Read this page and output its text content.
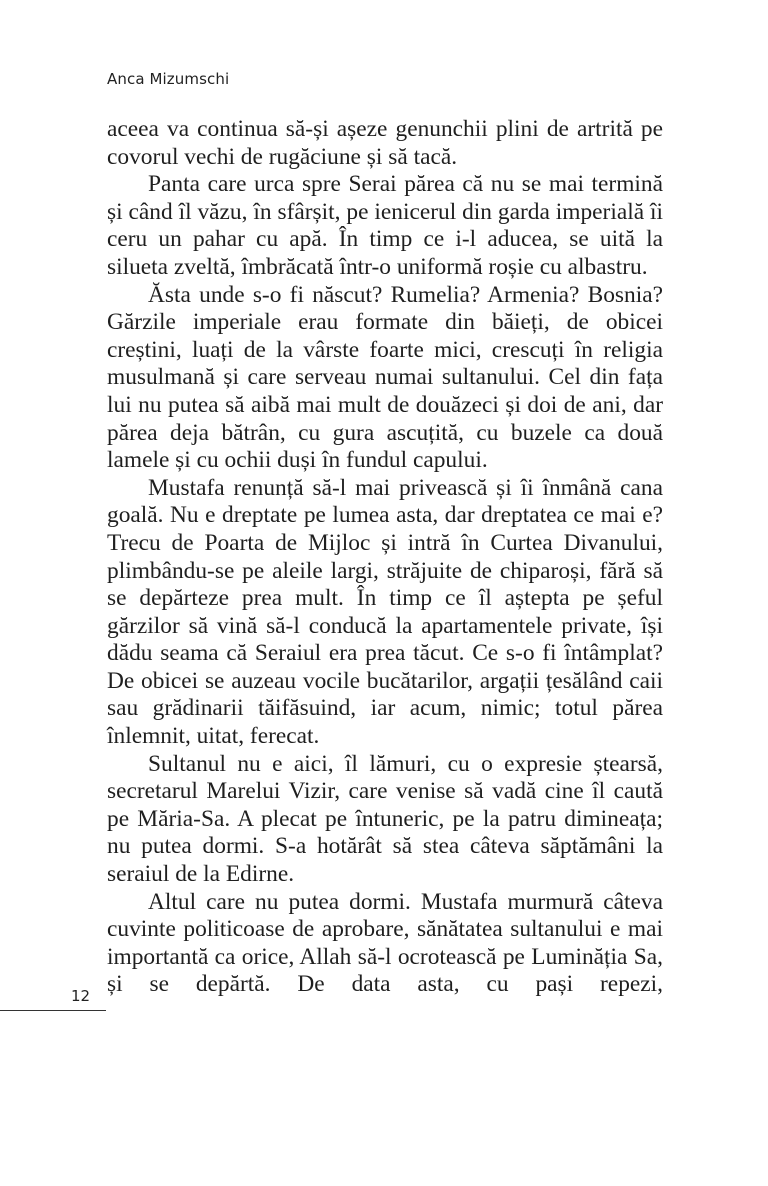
Anca Mizumschi

aceea va continua să-și așeze genunchii plini de artrită pe covorul vechi de rugăciune și să tacă.

Panta care urca spre Serai părea că nu se mai termină și când îl văzu, în sfârșit, pe ienicerul din garda imperială îi ceru un pahar cu apă. În timp ce i-l aducea, se uită la silueta zveltă, îmbrăcată într-o uniformă roșie cu albastru.

Ăsta unde s-o fi născut? Rumelia? Armenia? Bosnia? Gărzile imperiale erau formate din băieți, de obicei creștini, luați de la vârste foarte mici, crescuți în religia musulmană și care serveau numai sultanului. Cel din fața lui nu putea să aibă mai mult de douăzeci și doi de ani, dar părea deja bătrân, cu gura ascuțită, cu buzele ca două lamele și cu ochii duși în fundul capului.

Mustafa renunță să-l mai privească și îi înmână cana goală. Nu e dreptate pe lumea asta, dar dreptatea ce mai e? Trecu de Poarta de Mijloc și intră în Curtea Divanului, plimbându-se pe aleile largi, străjuite de chiparoși, fără să se depărteze prea mult. În timp ce îl aștepta pe șeful gărzilor să vină să-l conducă la apartamentele private, își dădu seama că Seraiul era prea tăcut. Ce s-o fi întâmplat? De obicei se auzeau vocile bucătarilor, argații țesălând caii sau grădinarii tăifăsuind, iar acum, nimic; totul părea înlemnit, uitat, ferecat.

Sultanul nu e aici, îl lămuri, cu o expresie ștearsă, secretarul Marelui Vizir, care venise să vadă cine îl caută pe Măria-Sa. A plecat pe întuneric, pe la patru dimineața; nu putea dormi. S-a hotărât să stea câteva săptămâni la seraiul de la Edirne.

Altul care nu putea dormi. Mustafa murmură câteva cuvinte politicoase de aprobare, sănătatea sultanului e mai importantă ca orice, Allah să-l ocrotească pe Luminăția Sa, și se depărtă. De data asta, cu pași repezi,

12
